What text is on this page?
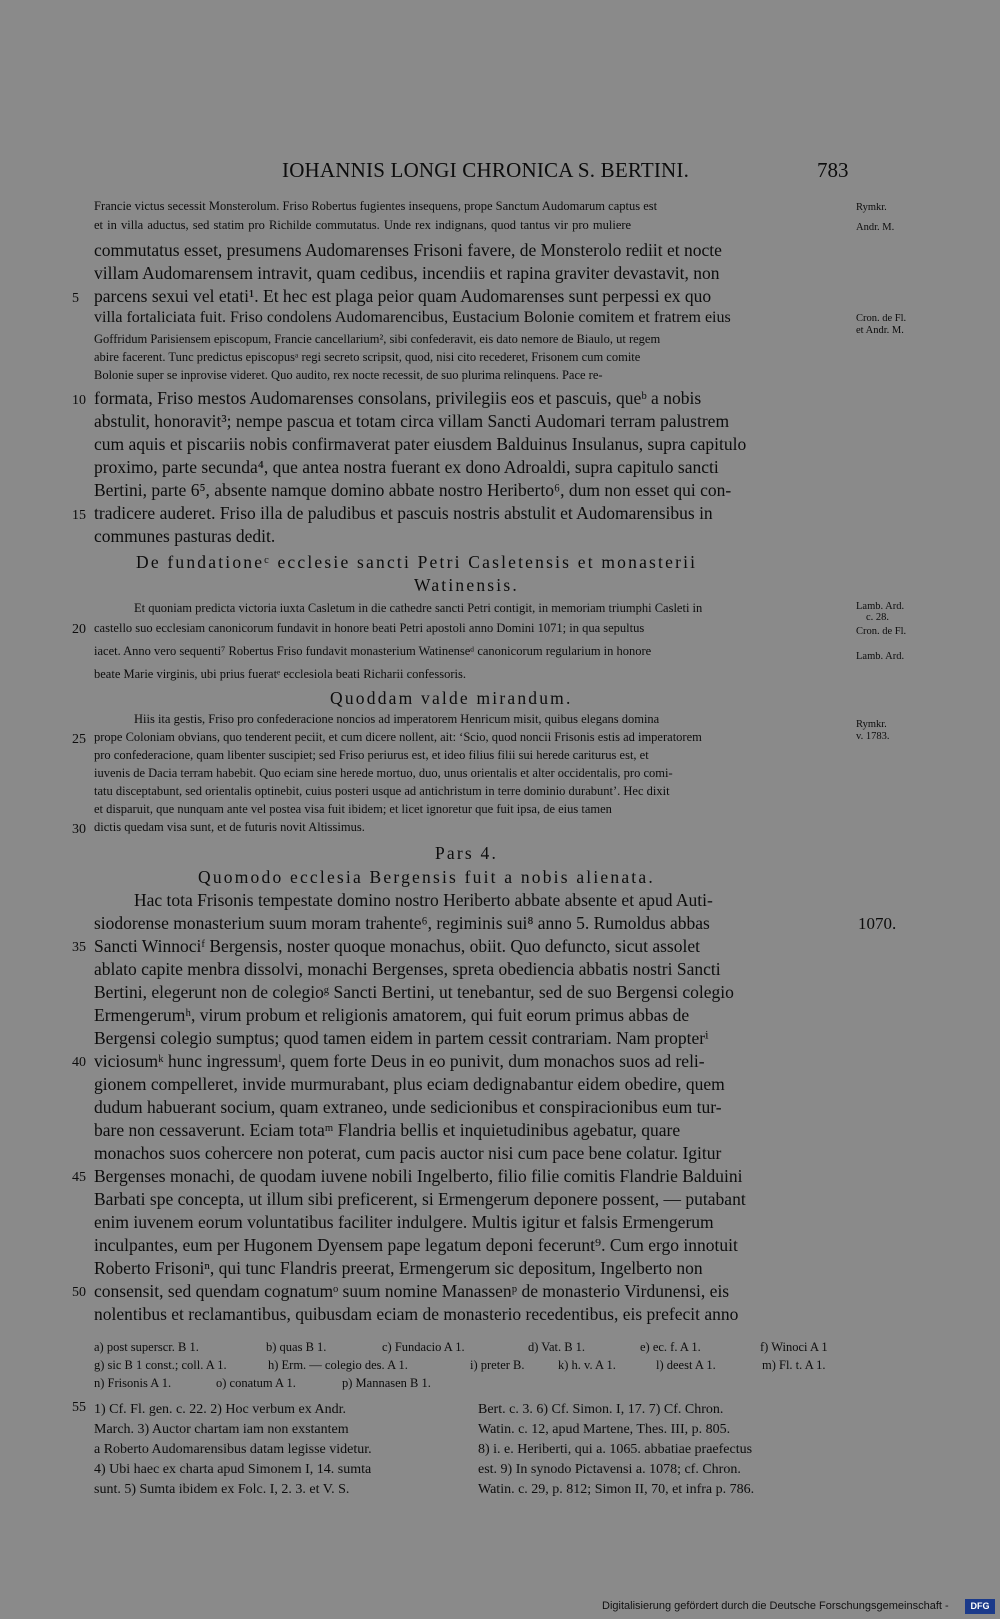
IOHANNIS LONGI CHRONICA S. BERTINI.	783
Francie victus secessit Monsterolum. Friso Robertus fugientes insequens, prope Sanctum Audomarum captus est
et in villa aductus, sed statim pro Richilde commutatus. Unde rex indignans, quod tantus vir pro muliere
commutatus esset, presumens Audomarenses Frisoni favere, de Monsterolo rediit et nocte
villam Audomarensem intravit, quam cedibus, incendiis et rapina graviter devastavit, non
parcens sexui vel etati¹. Et hec est plaga peior quam Audomarenses sunt perpessi ex quo
villa fortaliciata fuit. Friso condolens Audomarencibus, Eustacium Bolonie comitem et fratrem eius
Goffridum Parisiensem episcopum, Francie cancellarium², sibi confederavit, eis dato nemore de Biaulo, ut regem
abire facerent. Tunc predictus episcopusᵃ regi secreto scripsit, quod, nisi cito recederet, Frisonem cum comite
Bolonie super se inprovise videret. Quo audito, rex nocte recessit, de suo plurima relinquens. Pace re-
formata, Friso mestos Audomarenses consolans, privilegiis eos et pascuis, queᵇ a nobis
abstulit, honoravit³; nempe pascua et totam circa villam Sancti Audomari terram palustrem
cum aquis et piscariis nobis confirmaverat pater eiusdem Balduinus Insulanus, supra capitulo
proximo, parte secunda⁴, que antea nostra fuerant ex dono Adroaldi, supra capitulo sancti
Bertini, parte 6⁵, absente namque domino abbate nostro Heriberto⁶, dum non esset qui con-
tradicere auderet. Friso illa de paludibus et pascuis nostris abstulit et Audomarensibus in
communes pasturas dedit.
De fundationeᶜ ecclesie sancti Petri Casletensis et monasterii
Watinensis.
Et quoniam predicta victoria iuxta Casletum in die cathedre sancti Petri contigit, in memoriam triumphi Casleti in
castello suo ecclesiam canonicorum fundavit in honore beati Petri apostoli anno Domini 1071; in qua sepultus
iacet. Anno vero sequenti⁷ Robertus Friso fundavit monasterium Watinenseᵈ canonicorum regularium in honore
beate Marie virginis, ubi prius fueratᵉ ecclesiola beati Richarii confessoris.
Quoddam valde mirandum.
Hiis ita gestis, Friso pro confederacione noncios ad imperatorem Henricum misit, quibus elegans domina
prope Coloniam obvians, quo tenderent peciit, et cum dicere nollent, ait: ‘Scio, quod noncii Frisonis estis ad imperatorem
pro confederacione, quam libenter suscipiet; sed Friso periurus est, et ideo filius filii sui herede cariturus est, et
iuvenis de Dacia terram habebit. Quo eciam sine herede mortuo, duo, unus orientalis et alter occidentalis, pro comi-
tatu disceptabunt, sed orientalis optinebit, cuius posteri usque ad antichristum in terre dominio durabunt’. Hec dixit
et disparuit, que nunquam ante vel postea visa fuit ibidem; et licet ignoretur que fuit ipsa, de eius tamen
dictis quedam visa sunt, et de futuris novit Altissimus.
Pars 4.
Quomodo ecclesia Bergensis fuit a nobis alienata.
Hac tota Frisonis tempestate domino nostro Heriberto abbate absente et apud Auti-
siodorense monasterium suum moram trahente⁶, regiminis sui⁸ anno 5. Rumoldus abbas
Sancti Winnociᶠ Bergensis, noster quoque monachus, obiit. Quo defuncto, sicut assolet
ablato capite menbra dissolvi, monachi Bergenses, spreta obediencia abbatis nostri Sancti
Bertini, elegerunt non de colegioᵍ Sancti Bertini, ut tenebantur, sed de suo Bergensi colegio
Ermengerumʰ, virum probum et religionis amatorem, qui fuit eorum primus abbas de
Bergensi colegio sumptus; quod tamen eidem in partem cessit contrariam. Nam propterⁱ
viciosumᵏ hunc ingressumˡ, quem forte Deus in eo punivit, dum monachos suos ad reli-
gionem compelleret, invide murmurabant, plus eciam dedignabantur eidem obedire, quem
dudum habuerant socium, quam extraneo, unde sedicionibus et conspiracionibus eum tur-
bare non cessaverunt. Eciam totaᵐ Flandria bellis et inquietudinibus agebatur, quare
monachos suos cohercere non poterat, cum pacis auctor nisi cum pace bene colatur. Igitur
Bergenses monachi, de quodam iuvene nobili Ingelberto, filio filie comitis Flandrie Balduini
Barbati spe concepta, ut illum sibi preficerent, si Ermengerum deponere possent, — putabant
enim iuvenem eorum voluntatibus faciliter indulgere. Multis igitur et falsis Ermengerum
inculpantes, eum per Hugonem Dyensem pape legatum deponi fecerunt⁹. Cum ergo innotuit
Roberto Frisoniⁿ, qui tunc Flandris preerat, Ermengerum sic depositum, Ingelberto non
consensit, sed quendam cognatumᵒ suum nomine Manassenᵖ de monasterio Virdunensi, eis
nolentibus et reclamantibus, quibusdam eciam de monasterio recedentibus, eis prefecit anno
5
10
15
20
25
30
35
40
45
50
55
Rymkr.
Andr. M.
Cron. de Fl.
et Andr. M.
Lamb. Ard.
c. 28.
Cron. de Fl.
Lamb. Ard.
Rymkr.
v. 1783.
1070.
a) post superscr. B 1.	b) quas B 1.	c) Fundacio A 1.	d) Vat. B 1.	e) ec. f. A 1.	f) Winoci A 1
g) sic B 1 const.; coll. A 1.	h) Erm. — colegio des. A 1.	i) preter B.	k) h. v. A 1.	l) deest A 1.	m) Fl. t. A 1.
n) Frisonis A 1.	o) conatum A 1.	p) Mannasen B 1.
1) Cf. Fl. gen. c. 22. 2) Hoc verbum ex Andr.
March. 3) Auctor chartam iam non exstantem
a Roberto Audomarensibus datam legisse videtur.
4) Ubi haec ex charta apud Simonem I, 14. sumta
sunt. 5) Sumta ibidem ex Folc. I, 2. 3. et V. S.
Bert. c. 3. 6) Cf. Simon. I, 17. 7) Cf. Chron.
Watin. c. 12, apud Martene, Thes. III, p. 805.
8) i. e. Heriberti, qui a. 1065. abbatiae praefectus
est. 9) In synodo Pictavensi a. 1078; cf. Chron.
Watin. c. 29, p. 812; Simon II, 70, et infra p. 786.
Digitalisierung gefördert durch die Deutsche Forschungsgemeinschaft -	DFG
